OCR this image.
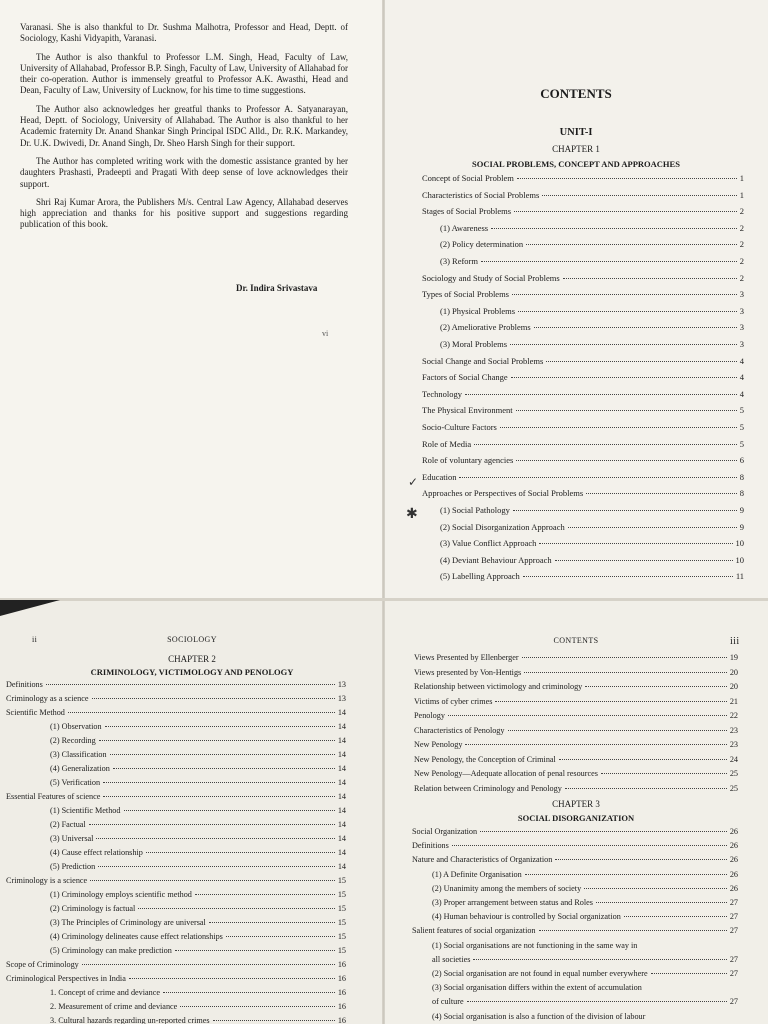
Varanasi. She is also thankful to Dr. Sushma Malhotra, Professor and Head, Deptt. of Sociology, Kashi Vidyapith, Varanasi.

The Author is also thankful to Professor L.M. Singh, Head, Faculty of Law, University of Allahabad, Professor B.P. Singh, Faculty of Law, University of Allahabad for their co-operation. Author is immensely greatful to Professor A.K. Awasthi, Head and Dean, Faculty of Law, University of Lucknow, for his time to time suggestions.

The Author also acknowledges her greatful thanks to Professor A. Satyanarayan, Head, Deptt. of Sociology, University of Allahabad. The Author is also thankful to her Academic fraternity Dr. Anand Shankar Singh Principal ISDC Alld., Dr. R.K. Markandey, Dr. U.K. Dwivedi, Dr. Anand Singh, Dr. Sheo Harsh Singh for their support.

The Author has completed writing work with the domestic assistance granted by her daughters Prashasti, Pradeepti and Pragati With deep sense of love acknowledges their support.

Shri Raj Kumar Arora, the Publishers M/s. Central Law Agency, Allahabad deserves high appreciation and thanks for his positive support and suggestions regarding publication of this book.

Dr. Indira Srivastava
vi
CONTENTS
UNIT-I
CHAPTER 1
SOCIAL PROBLEMS, CONCEPT AND APPROACHES
✓
✱
Concept of Social Problem	1
Characteristics of Social Problems	1
Stages of Social Problems	2
(1) Awareness	2
(2) Policy determination	2
(3) Reform	2
Sociology and Study of Social Problems	2
Types of Social Problems	3
(1) Physical Problems	3
(2) Ameliorative Problems	3
(3) Moral Problems	3
Social Change and Social Problems	4
Factors of Social Change	4
Technology	4
The Physical Environment	5
Socio-Culture Factors	5
Role of Media	5
Role of voluntary agencies	6
Education	8
Approaches or Perspectives of Social Problems	8
(1) Social Pathology	9
(2) Social Disorganization Approach	9
(3) Value Conflict Approach	10
(4) Deviant Behaviour Approach	10
(5) Labelling Approach	11
ii	SOCIOLOGY
CHAPTER 2
CRIMINOLOGY, VICTIMOLOGY AND PENOLOGY
Definitions	13
Criminology as a science	13
Scientific Method	14
(1) Observation	14
(2) Recording	14
(3) Classification	14
(4) Generalization	14
(5) Verification	14
Essential Features of science	14
(1) Scientific Method	14
(2) Factual	14
(3) Universal	14
(4) Cause effect relationship	14
(5) Prediction	14
Criminology is a science	15
(1) Criminology employs scientific method	15
(2) Criminology is factual	15
(3) The Principles of Criminology are universal	15
(4) Criminology delineates cause effect relationships	15
(5) Criminology can make prediction	15
Scope of Criminology	16
Criminological Perspectives in India	16
1. Concept of crime and deviance	16
2. Measurement of crime and deviance	16
3. Cultural hazards regarding un-reported crimes	16
CONTENTS	iii
CHAPTER 3
SOCIAL DISORGANIZATION
Views Presented by Ellenberger	19
Views presented by Von-Hentigs	20
Relationship between victimology and criminology	20
Victims of cyber crimes	21
Penology	22
Characteristics of Penology	23
New Penology	23
New Penology, the Conception of Criminal	24
New Penology—Adequate allocation of penal resources	25
Relation between Criminology and Penology	25
Social Organization	26
Definitions	26
Nature and Characteristics of Organization	26
(1) A Definite Organisation	26
(2) Unanimity among the members of society	26
(3) Proper arrangement between status and Roles	27
(4) Human behaviour is controlled by Social organization	27
Salient features of social organization	27
(1) Social organisations are not functioning in the same way in
all societies	27
(2) Social organisation are not found in equal number everywhere	27
(3) Social organisation differs within the extent of accumulation
of culture	27
(4) Social organisation is also a function of the division of labour
